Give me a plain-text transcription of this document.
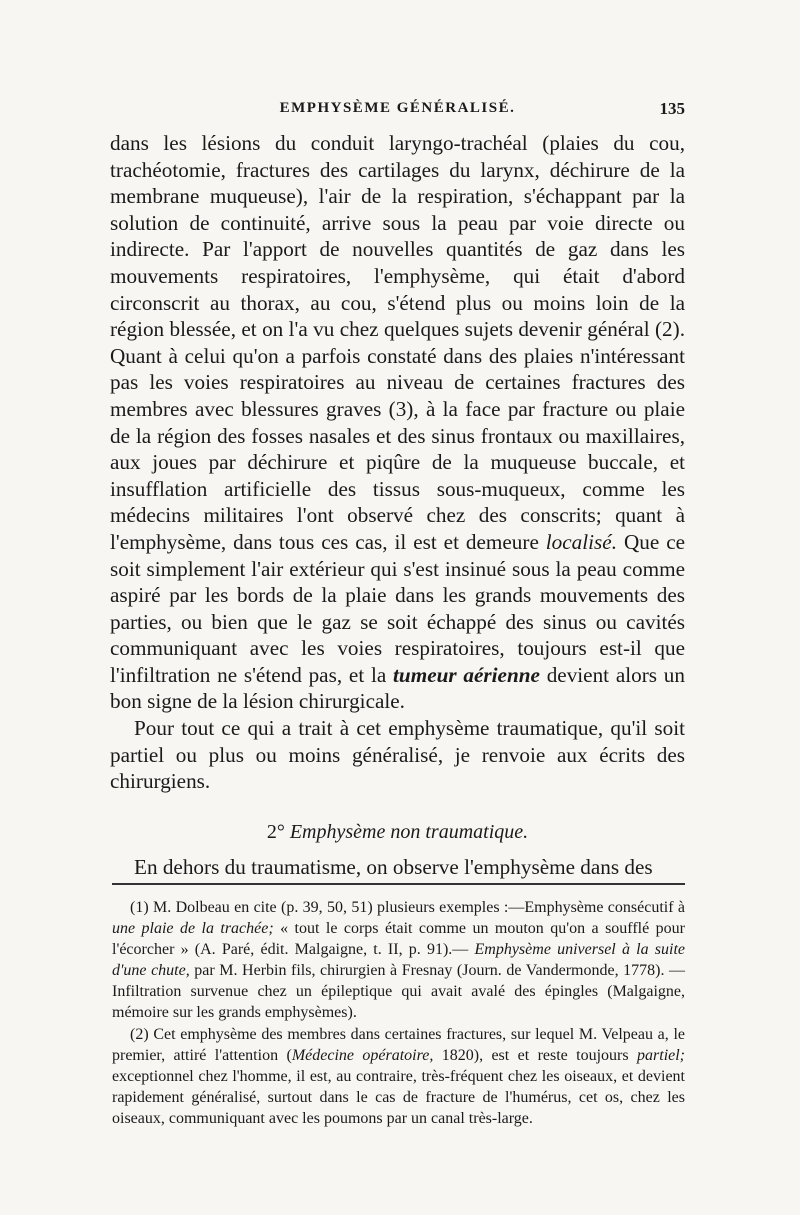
EMPHYSÈME GÉNÉRALISÉ.	135

dans les lésions du conduit laryngo-trachéal (plaies du cou, trachéotomie, fractures des cartilages du larynx, déchirure de la membrane muqueuse), l'air de la respiration, s'échappant par la solution de continuité, arrive sous la peau par voie directe ou indirecte. Par l'apport de nouvelles quantités de gaz dans les mouvements respiratoires, l'emphysème, qui était d'abord circonscrit au thorax, au cou, s'étend plus ou moins loin de la région blessée, et on l'a vu chez quelques sujets devenir général (2). Quant à celui qu'on a parfois constaté dans des plaies n'intéressant pas les voies respiratoires au niveau de certaines fractures des membres avec blessures graves (3), à la face par fracture ou plaie de la région des fosses nasales et des sinus frontaux ou maxillaires, aux joues par déchirure et piqûre de la muqueuse buccale, et insufflation artificielle des tissus sous-muqueux, comme les médecins militaires l'ont observé chez des conscrits; quant à l'emphysème, dans tous ces cas, il est et demeure localisé. Que ce soit simplement l'air extérieur qui s'est insinué sous la peau comme aspiré par les bords de la plaie dans les grands mouvements des parties, ou bien que le gaz se soit échappé des sinus ou cavités communiquant avec les voies respiratoires, toujours est-il que l'infiltration ne s'étend pas, et la tumeur aérienne devient alors un bon signe de la lésion chirurgicale.

Pour tout ce qui a trait à cet emphysème traumatique, qu'il soit partiel ou plus ou moins généralisé, je renvoie aux écrits des chirurgiens.

2° Emphysème non traumatique.

En dehors du traumatisme, on observe l'emphysème dans des

(1) M. Dolbeau en cite (p. 39, 50, 51) plusieurs exemples :—Emphysème consécutif à une plaie de la trachée; « tout le corps était comme un mouton qu'on a soufflé pour l'écorcher » (A. Paré, édit. Malgaigne, t. II, p. 91).— Emphysème universel à la suite d'une chute, par M. Herbin fils, chirurgien à Fresnay (Journ. de Vandermonde, 1778). — Infiltration survenue chez un épileptique qui avait avalé des épingles (Malgaigne, mémoire sur les grands emphysèmes).

(2) Cet emphysème des membres dans certaines fractures, sur lequel M. Velpeau a, le premier, attiré l'attention (Médecine opératoire, 1820), est et reste toujours partiel; exceptionnel chez l'homme, il est, au contraire, très-fréquent chez les oiseaux, et devient rapidement généralisé, surtout dans le cas de fracture de l'humérus, cet os, chez les oiseaux, communiquant avec les poumons par un canal très-large.
